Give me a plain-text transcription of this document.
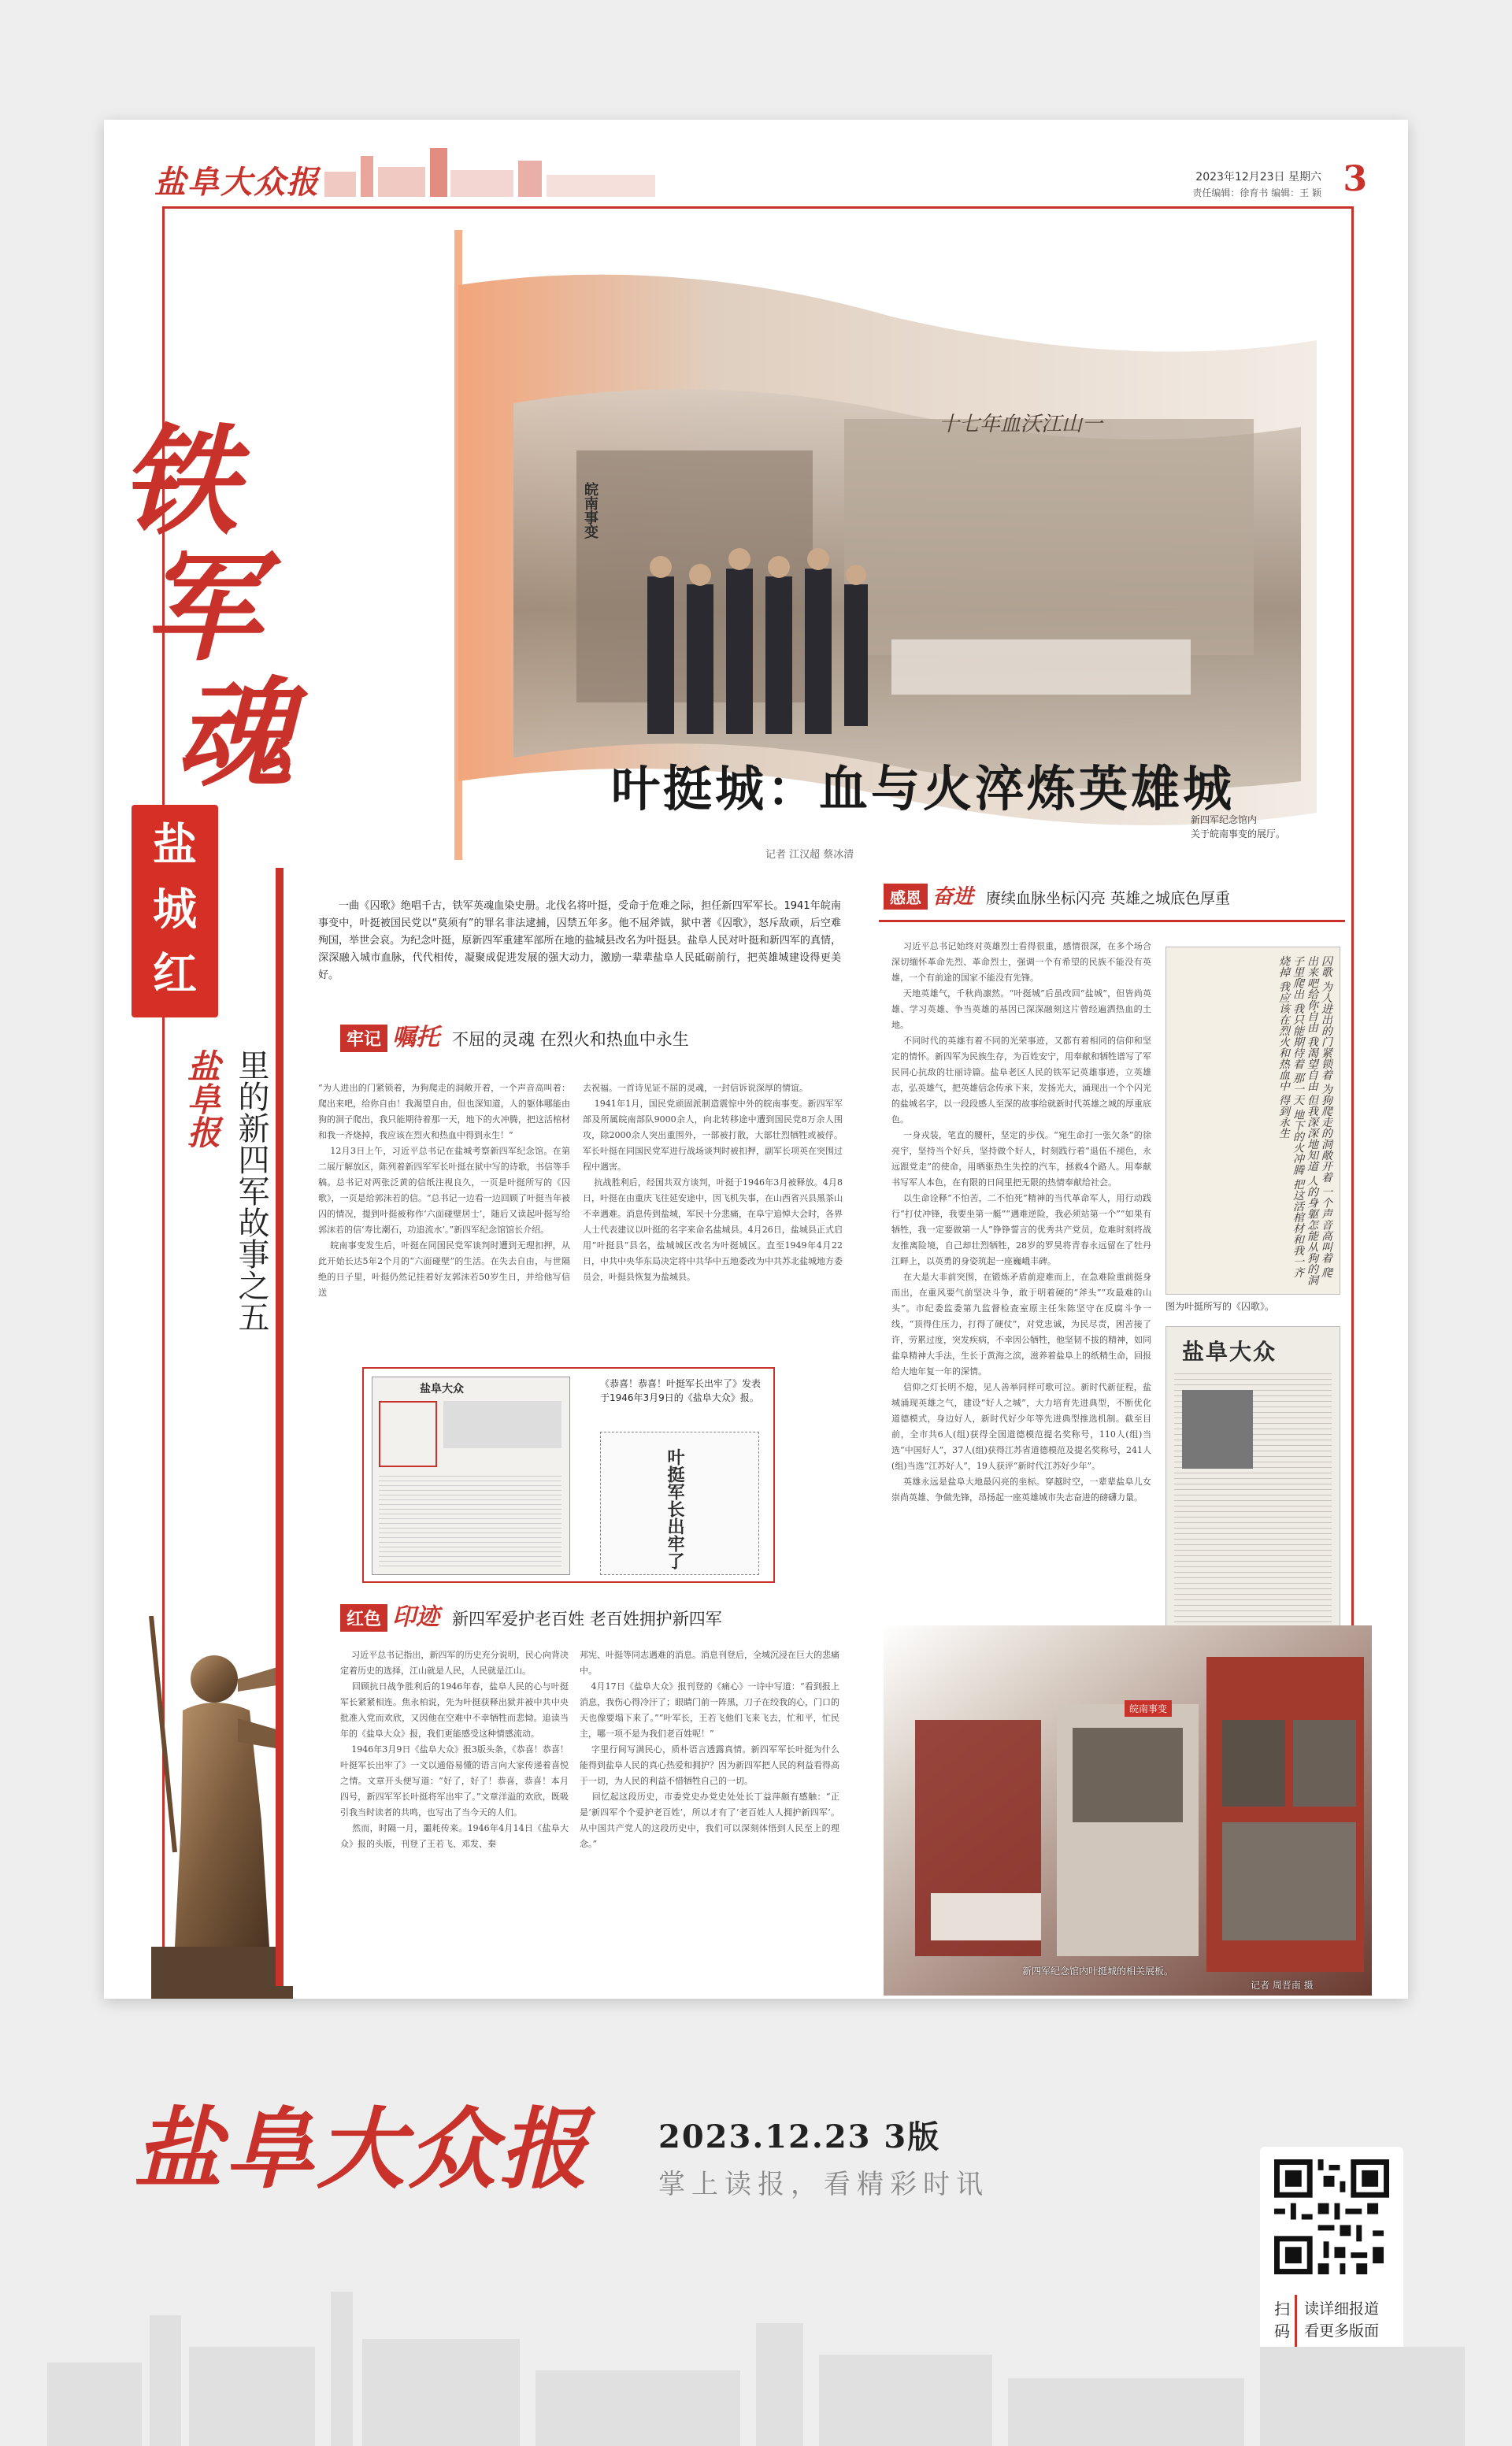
盐阜大众报	2023年12月23日 星期六
责任编辑：徐育书 编辑：王 颖 3
铁
军
魂
盐
城
红
盐阜报 里的新四军故事之五
皖南事变
十七年血沃江山一
新四军纪念馆内
关于皖南事变的展厅。
叶挺城：血与火淬炼英雄城
记者 江汉超 蔡冰清
一曲《囚歌》绝唱千古，铁军英魂血染史册。北伐名将叶挺，受命于危难之际，担任新四军军长。1941年皖南事变中，叶挺被国民党以“莫须有”的罪名非法逮捕，囚禁五年多。他不屈斧钺，狱中著《囚歌》，怒斥敌顽，后空难殉国，举世会哀。为纪念叶挺，原新四军重建军部所在地的盐城县改名为叶挺县。盐阜人民对叶挺和新四军的真情，深深融入城市血脉，代代相传，凝聚成促进发展的强大动力，激励一辈辈盐阜人民砥砺前行，把英雄城建设得更美好。
牢记 嘱托 不屈的灵魂 在烈火和热血中永生
“为人进出的门紧锁着，为狗爬走的洞敞开着，一个声音高叫着：爬出来吧，给你自由！我渴望自由，但也深知道，人的躯体哪能由狗的洞子爬出，我只能期待着那一天，地下的火冲腾，把这活棺材和我一齐烧掉，我应该在烈火和热血中得到永生！”
12月3日上午，习近平总书记在盐城考察新四军纪念馆。在第二展厅解放区，陈列着新四军军长叶挺在狱中写的诗歌，书信等手稿。总书记对两张泛黄的信纸注视良久，一页是叶挺所写的《囚歌》，一页是给郭沫若的信。“总书记一边看一边回顾了叶挺当年被囚的情况，提到叶挺被称作‘六面碰壁居士’，随后又读起叶挺写给郭沫若的信‘寿比潮石，功追流水’。”新四军纪念馆馆长介绍。
皖南事变发生后，叶挺在同国民党军谈判时遭到无理扣押，从此开始长达5年2个月的“六面碰壁”的生活。在失去自由，与世隔绝的日子里，叶挺仍然记挂着好友郭沫若50岁生日，并给他写信送
去祝福。一首诗见证不屈的灵魂，一封信诉说深厚的情谊。
1941年1月，国民党顽固派制造震惊中外的皖南事变。新四军军部及所属皖南部队9000余人，向北转移途中遭到国民党8万余人围攻，除2000余人突出重围外，一部被打散，大部壮烈牺牲或被俘。军长叶挺在同国民党军进行战场谈判时被扣押，副军长项英在突围过程中遇害。
抗战胜利后，经国共双方谈判，叶挺于1946年3月被释放。4月8日，叶挺在由重庆飞往延安途中，因飞机失事，在山西省兴县黑茶山不幸遇难。消息传到盐城，军民十分悲痛，在阜宁追悼大会时，各界人士代表建议以叶挺的名字来命名盐城县。4月26日，盐城县正式启用“叶挺县”县名，盐城城区改名为叶挺城区。直至1949年4月22日，中共中央华东局决定将中共华中五地委改为中共苏北盐城地方委员会，叶挺县恢复为盐城县。
盐阜大众	《恭喜！恭喜！叶挺军长出牢了》发表于1946年3月9日的《盐阜大众》报。
叶挺军长出牢了
红色 印迹 新四军爱护老百姓 老百姓拥护新四军
习近平总书记指出，新四军的历史充分说明，民心向背决定着历史的选择，江山就是人民，人民就是江山。
回顾抗日战争胜利后的1946年春，盐阜人民的心与叶挺军长紧紧相连。焦永柏说，先为叶挺获释出狱并被中共中央批准入党而欢欣，又因他在空难中不幸牺牲而悲恸。追读当年的《盐阜大众》报，我们更能感受这种情感流动。
1946年3月9日《盐阜大众》报3版头条，《恭喜！恭喜！叶挺军长出牢了》一文以通俗易懂的语言向大家传递着喜悦之情。文章开头便写道：“好了，好了！恭喜，恭喜！本月四号，新四军军长叶挺将军出牢了。”文章洋溢的欢欣，既吸引我当时读者的共鸣，也写出了当今天的人们。
然而，时隔一月，噩耗传来。1946年4月14日《盐阜大众》报的头版，刊登了王若飞、邓发、秦
邦宪、叶挺等同志遇难的消息。消息刊登后，全城沉浸在巨大的悲痛中。
4月17日《盐阜大众》报刊登的《痛心》一诗中写道：“看到报上消息，我伤心得冷汗了；眼睛门前一阵黑，刀子在绞我的心，门口的天也像要塌下来了。”“叶军长，王若飞他们飞来飞去，忙和平，忙民主，哪一项不是为我们老百姓呢！”
字里行间写满民心，质朴语言透露真情。新四军军长叶挺为什么能得到盐阜人民的真心热爱和拥护？因为新四军把人民的利益看得高于一切，为人民的利益不惜牺牲自己的一切。
回忆起这段历史，市委党史办党史处处长丁益萍颇有感触：“正是‘新四军个个爱护老百姓’，所以才有了‘老百姓人人拥护新四军’。从中国共产党人的这段历史中，我们可以深刻体悟到人民至上的理念。”
感恩 奋进 赓续血脉坐标闪亮 英雄之城底色厚重
习近平总书记始终对英雄烈士看得很重，感情很深，在多个场合深切缅怀革命先烈、革命烈士，强调一个有希望的民族不能没有英雄，一个有前途的国家不能没有先锋。
天地英雄气，千秋尚凛然。“叶挺城”后虽改回“盐城”，但皆尚英雄、学习英雄、争当英雄的基因已深深融刻这片曾经遍洒热血的土地。
不同时代的英雄有着不同的光荣事迹，又都有着相同的信仰和坚定的情怀。新四军为民族生存，为百姓安宁，用奉献和牺牲谱写了军民同心抗敌的壮丽诗篇。盐阜老区人民的铁军记英雄事迹，立英雄志，弘英雄气，把英雄信念传承下来，发扬光大，涌现出一个个闪光的盐城名字，以一段段感人至深的故事给就新时代英雄之城的厚重底色。
一身戎装，笔直的腰杆，坚定的步伐。“宛生命打一张欠条”的徐亮宇，坚持当个好兵，坚持做个好人，时刻践行着“退伍不褪色，永远跟党走”的使命，用晒驱热生失控的汽车，拯救4个路人。用奉献书写军人本色，在有限的日间里把无限的热情奉献给社会。
以生命诠释“不怕苦，二不怕死”精神的当代革命军人，用行动践行“打仗冲锋，我要坐第一艇”“遇难逆险，我必须站第一个”“如果有牺牲，我一定要做第一人”铮铮誓言的优秀共产党员，危难时刻将战友推离险境，自己却壮烈牺牲，28岁的罗昊将青春永远留在了牡丹江畔上，以英勇的身姿筑起一座巍峨丰碑。
在大是大非前突围，在锻炼矛盾前迎难而上，在急难险重前挺身而出，在重风要气前坚决斗争，敢于明着硬的“斧头”“攻最难的山头”。市纪委监委第九监督检查室原主任朱陈坚守在反腐斗争一线，“顶得住压力，打得了硬仗”，对党忠诚，为民尽责，困苦接了许，劳累过度，突发疾病，不幸因公牺牲，他坚韧不拔的精神，如同盐阜精神大手法，生长于黄海之滨，滋养着盐阜上的纸精生命，回报给大地年复一年的深情。
信仰之灯长明不熄，见人善举同样可歌可泣。新时代新征程，盐城涌现英雄之气，建设“好人之城”，大力培育先进典型，不断优化道德模式，身边好人，新时代好少年等先进典型推选机制。截至目前，全市共6人(组)获得全国道德模范提名奖称号，110人(组)当选“中国好人”，37人(组)获得江苏省道德模范及提名奖称号，241人(组)当选“江苏好人”，19人获评“新时代江苏好少年”。
英雄永远是盐阜大地最闪亮的坐标。穿越时空，一辈辈盐阜儿女崇尚英雄、争做先锋，昂扬起一座英雄城市失志奋进的磅礴力量。
囚歌 为人进出的门紧锁着 为狗爬走的洞敞开着 一个声音高叫着 爬出来吧给你自由 我渴望自由 但我深深地知道 人的身躯怎能从狗的洞子里爬出 我只能期待着 那一天 地下的火冲腾 把这活棺材和我一齐烧掉 我应该在烈火和热血中 得到永生
图为叶挺所写的《囚歌》。
盐阜大众
皖南事变
新四军纪念馆内叶挺城的相关展板。
记者 周晋南 摄
盐阜大众报 2023.12.23 3版
掌上读报，看精彩时讯
扫
码
读详细报道
看更多版面
